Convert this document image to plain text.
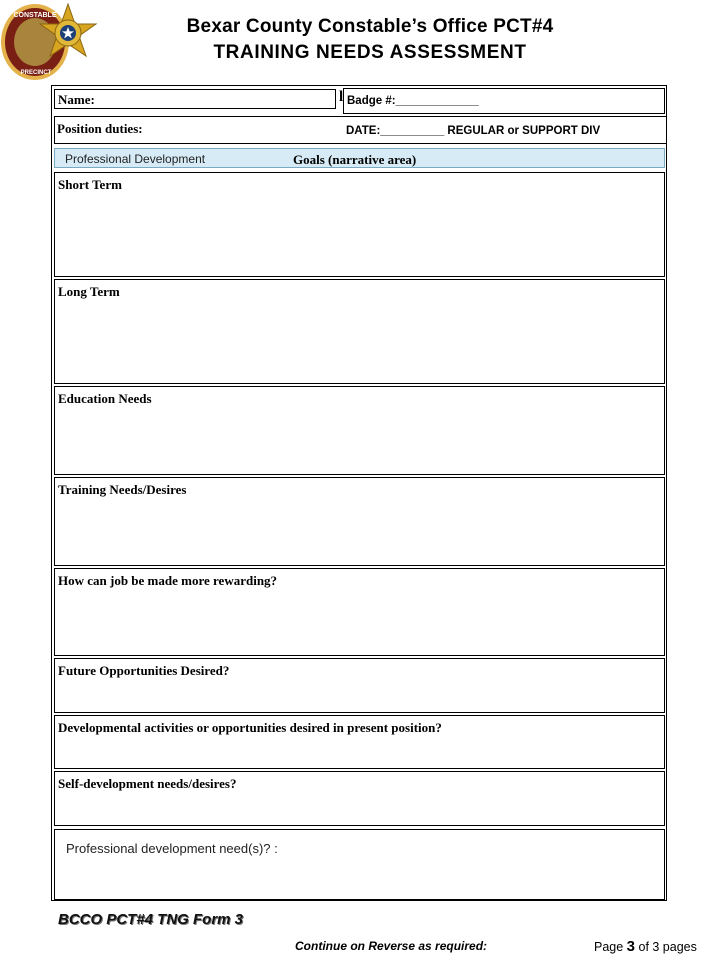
CONSTABLE
PRECINCT
Bexar County Constable’s Office PCT#4
TRAINING NEEDS ASSESSMENT
Name:	l Badge #:_____________
Position duties:	DATE:__________ REGULAR or SUPPORT DIV
Professional Development	Goals (narrative area)
Short Term
Long Term
Education Needs
Training Needs/Desires
How can job be made more rewarding?
Future Opportunities Desired?
Developmental activities or opportunities desired in present position?
Self-development needs/desires?
Professional development need(s)? :
BCCO PCT#4 TNG Form 3
Continue on Reverse as required:	Page 3 of 3 pages
